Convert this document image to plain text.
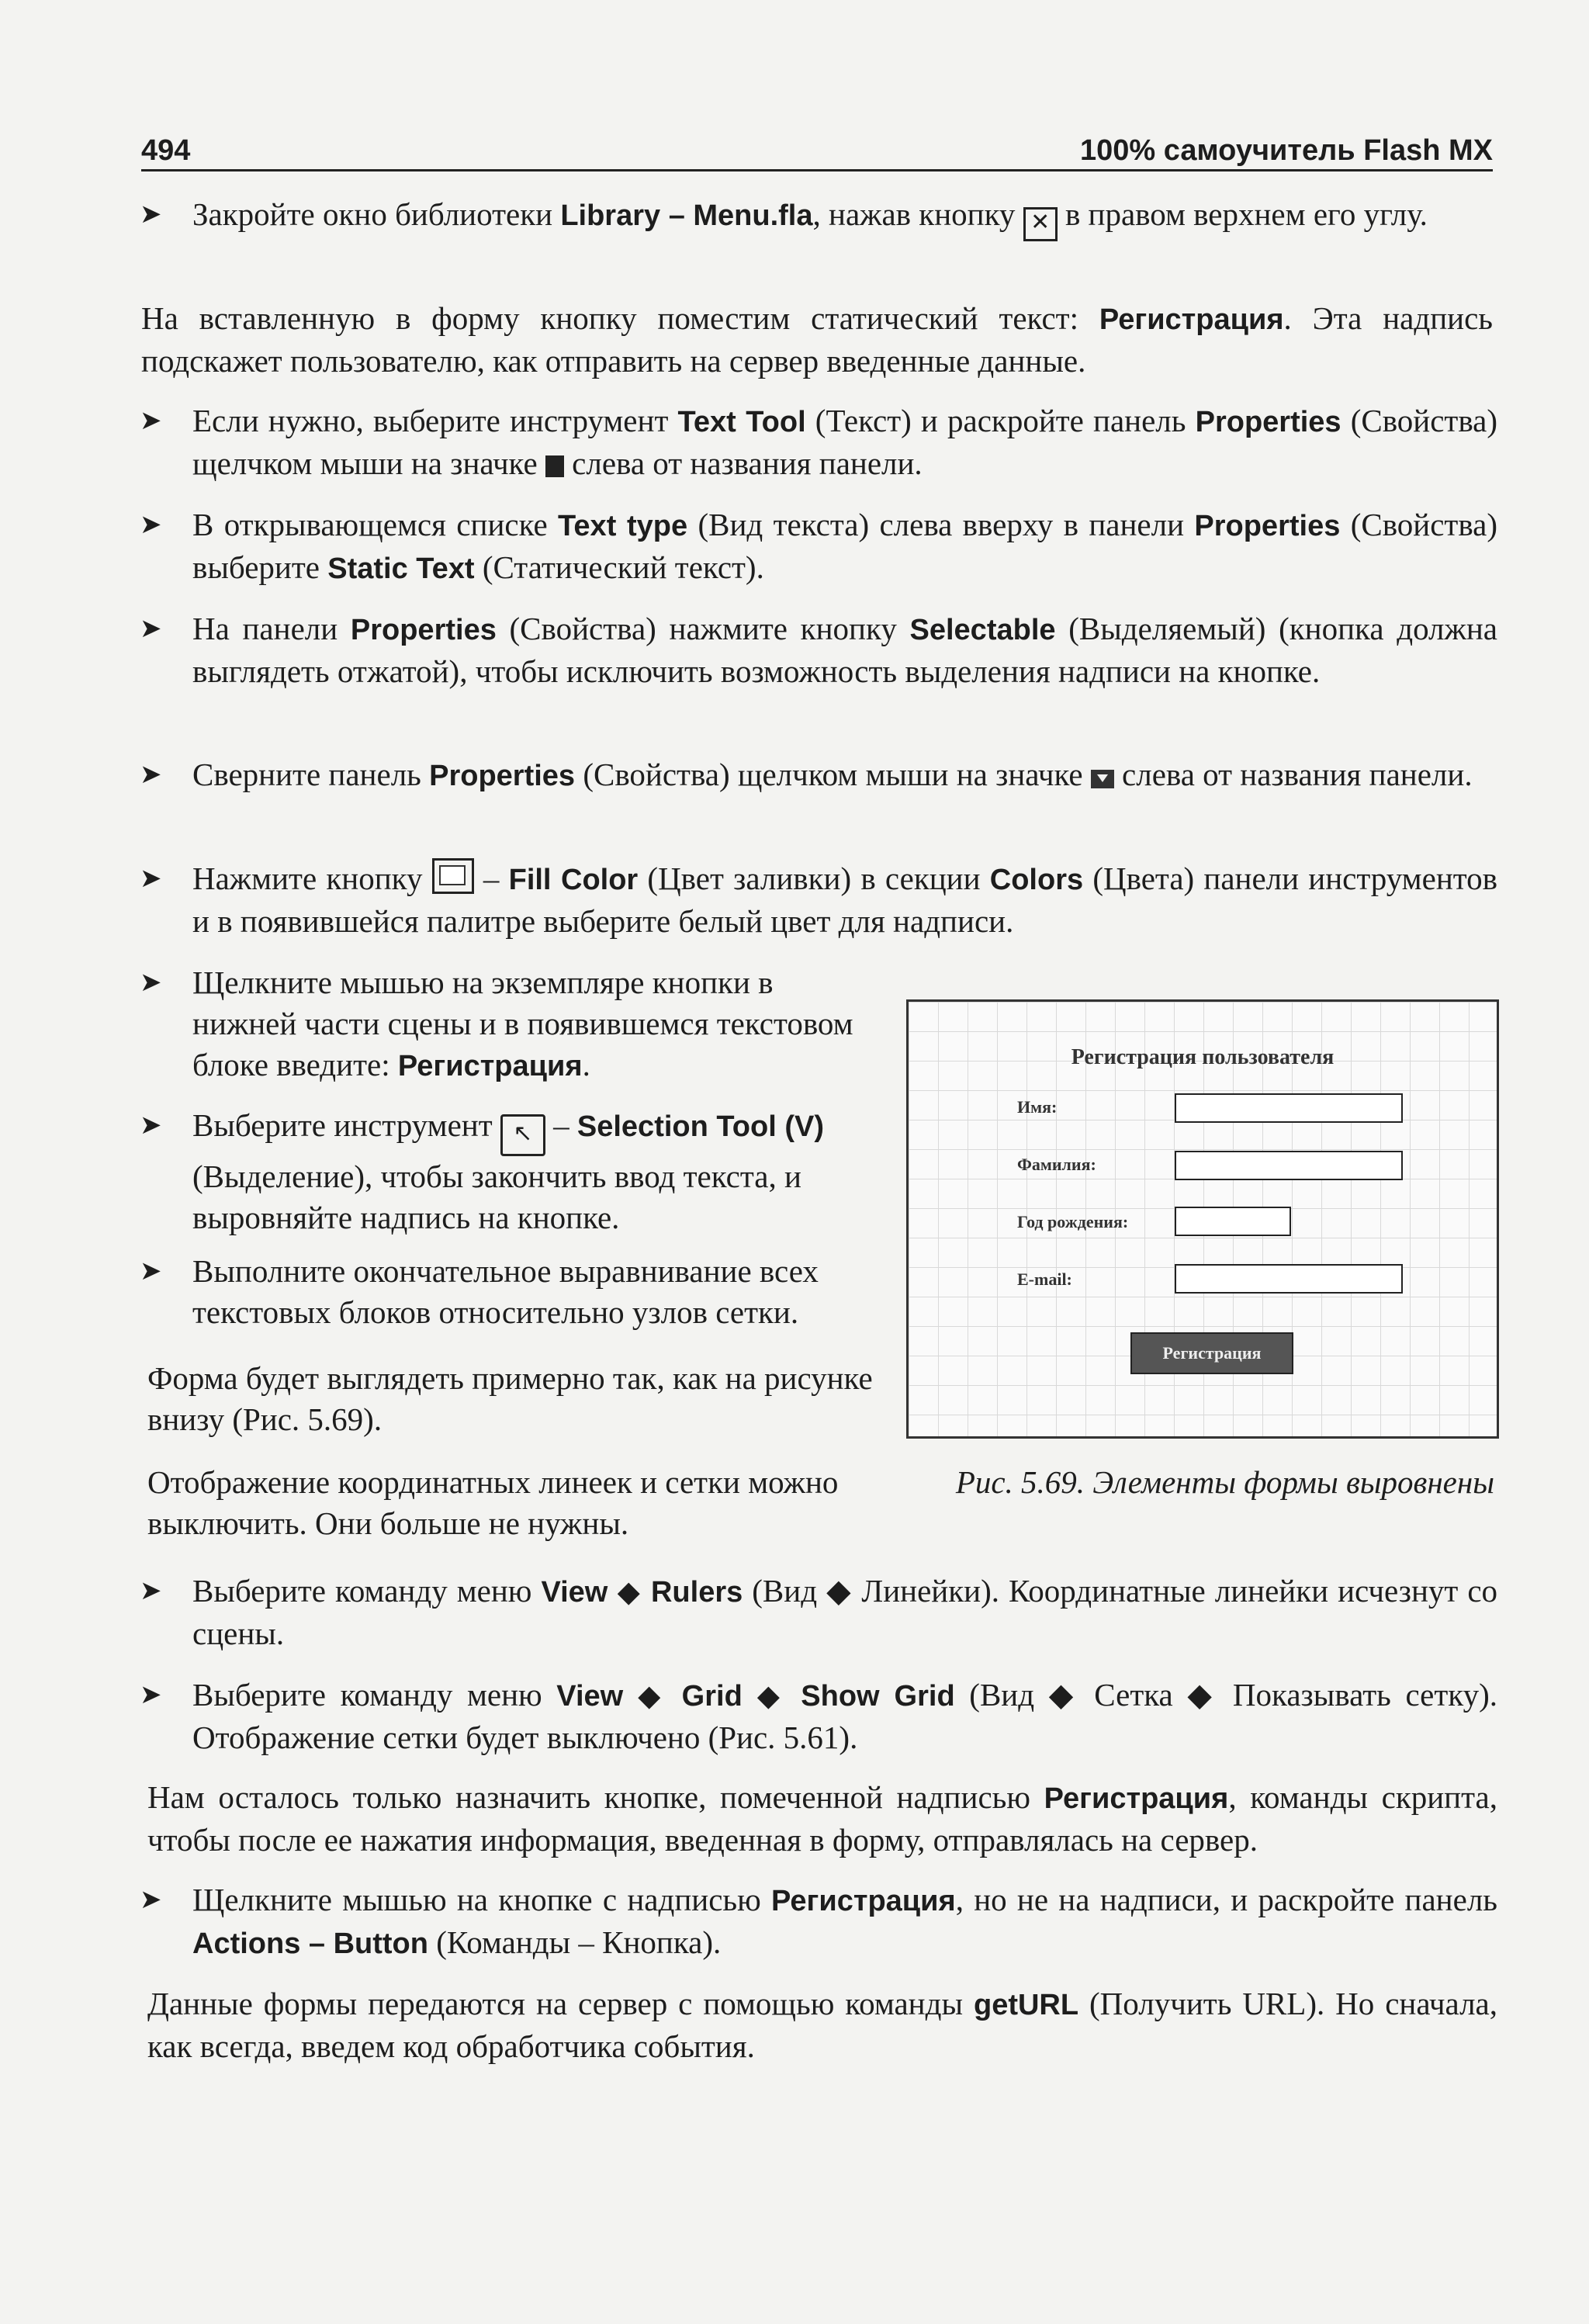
494	100% самоучитель Flash MX
➤ Закройте окно библиотеки Library – Menu.fla, нажав кнопку ✕ в правом верхнем его углу.
На вставленную в форму кнопку поместим статический текст: Регистрация. Эта надпись подскажет пользователю, как отправить на сервер введенные данные.
➤ Если нужно, выберите инструмент Text Tool (Текст) и раскройте панель Properties (Свойства) щелчком мыши на значке  слева от названия панели.
➤ В открывающемся списке Text type (Вид текста) слева вверху в панели Properties (Свойства) выберите Static Text (Статический текст).
➤ На панели Properties (Свойства) нажмите кнопку Selectable (Выделяемый) (кнопка должна выглядеть отжатой), чтобы исключить возможность выделения надписи на кнопке.
➤ Сверните панель Properties (Свойства) щелчком мыши на значке  слева от названия панели.
➤ Нажмите кнопку  – Fill Color (Цвет заливки) в секции Colors (Цвета) панели инструментов и в появившейся палитре выберите белый цвет для надписи.
➤ Щелкните мышью на экземпляре кнопки в нижней части сцены и в появившемся текстовом блоке введите: Регистрация.
➤ Выберите инструмент ↖ – Selection Tool (V) (Выделение), чтобы закончить ввод текста, и выровняйте надпись на кнопке.
➤ Выполните окончательное выравнивание всех текстовых блоков относительно узлов сетки.
Форма будет выглядеть примерно так, как на рисунке внизу (Рис. 5.69).
Отображение координатных линеек и сетки можно выключить. Они больше не нужны.
Регистрация пользователя
Имя:
Фамилия:
Год рождения:
E-mail:
Регистрация
Рис. 5.69. Элементы формы выровнены
➤ Выберите команду меню View ◆ Rulers (Вид ◆ Линейки). Координатные линейки исчезнут со сцены.
➤ Выберите команду меню View ◆ Grid ◆ Show Grid (Вид ◆ Сетка ◆ Показывать сетку). Отображение сетки будет выключено (Рис. 5.61).
Нам осталось только назначить кнопке, помеченной надписью Регистрация, команды скрипта, чтобы после ее нажатия информация, введенная в форму, отправлялась на сервер.
➤ Щелкните мышью на кнопке с надписью Регистрация, но не на надписи, и раскройте панель Actions – Button (Команды – Кнопка).
Данные формы передаются на сервер с помощью команды getURL (Получить URL). Но сначала, как всегда, введем код обработчика события.
